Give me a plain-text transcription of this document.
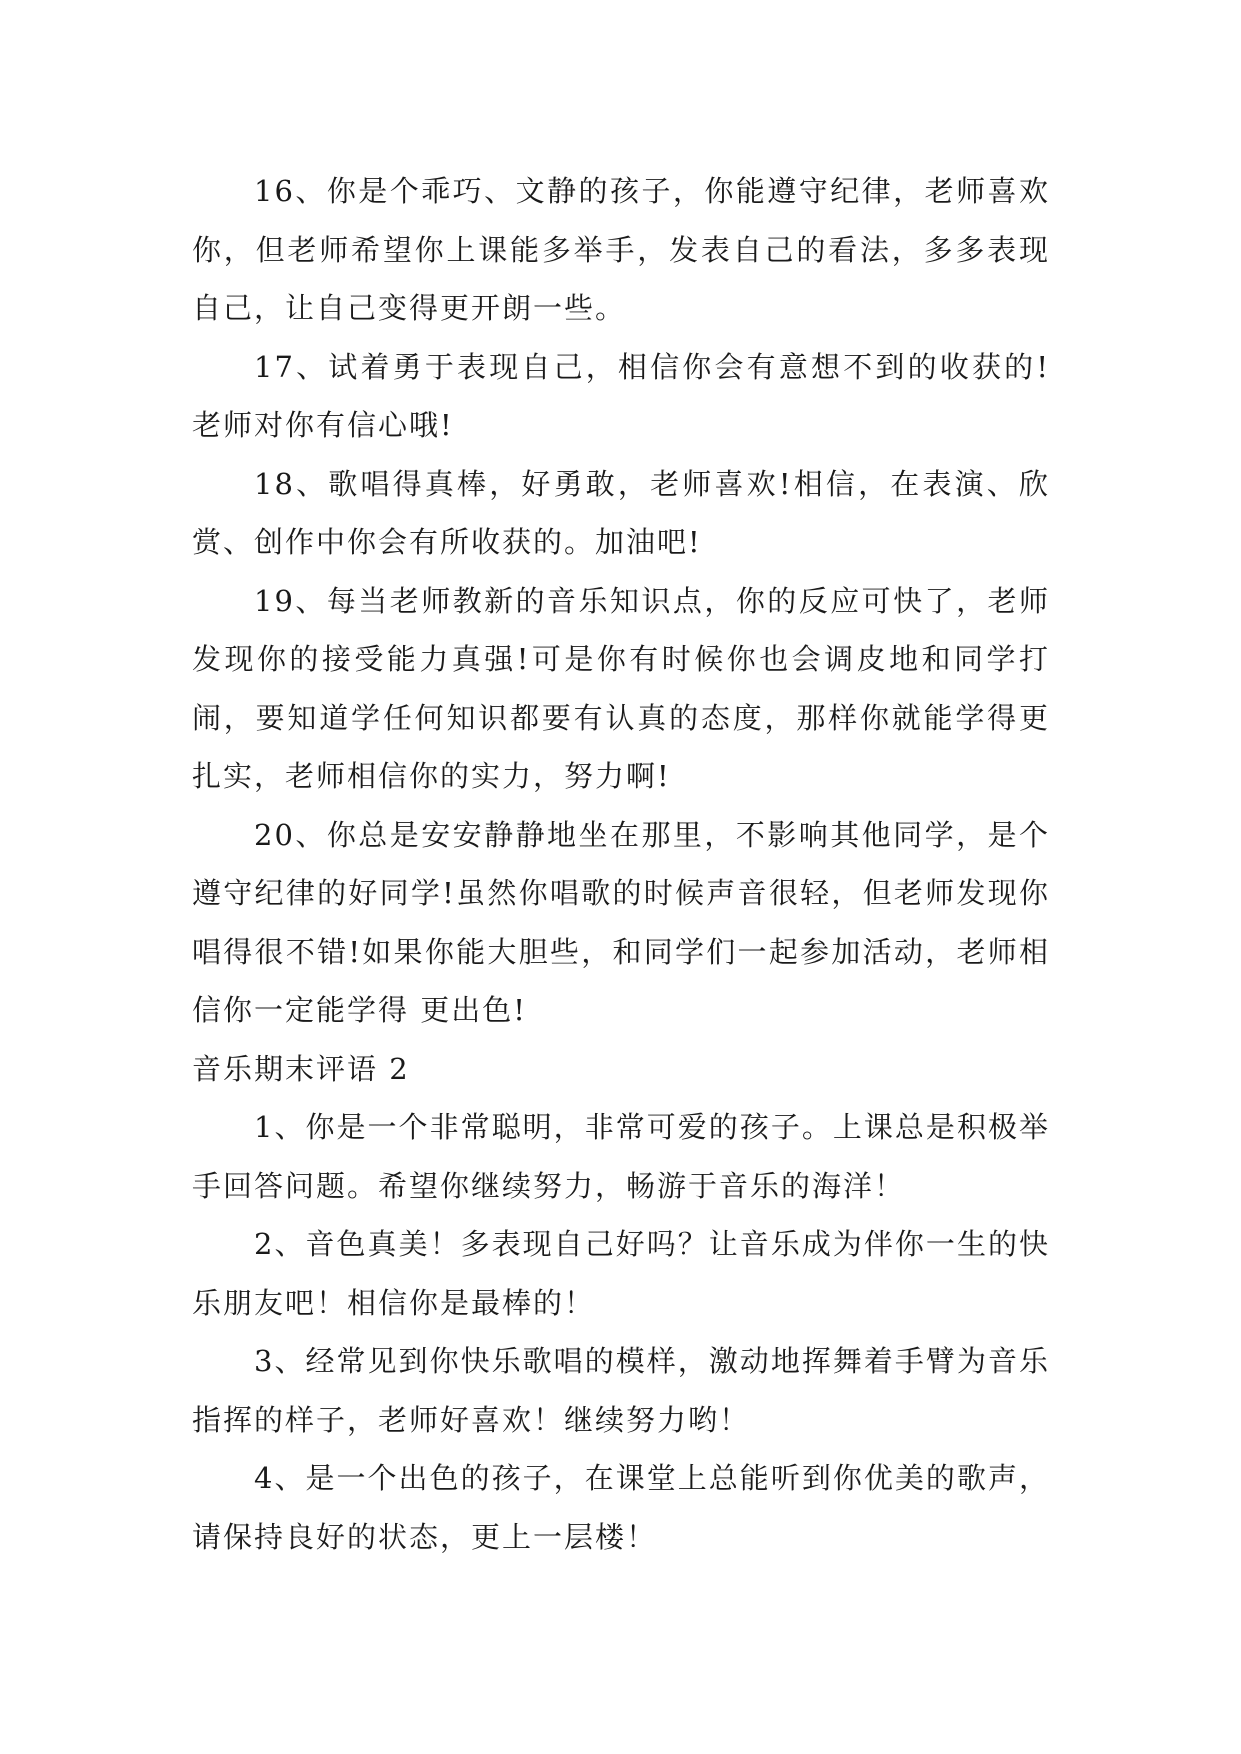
16、你是个乖巧、文静的孩子，你能遵守纪律，老师喜欢你，但老师希望你上课能多举手，发表自己的看法，多多表现自己，让自己变得更开朗一些。

17、试着勇于表现自己，相信你会有意想不到的收获的!老师对你有信心哦!

18、歌唱得真棒，好勇敢，老师喜欢!相信，在表演、欣赏、创作中你会有所收获的。加油吧!

19、每当老师教新的音乐知识点，你的反应可快了，老师发现你的接受能力真强!可是你有时候你也会调皮地和同学打闹，要知道学任何知识都要有认真的态度，那样你就能学得更扎实，老师相信你的实力，努力啊!

20、你总是安安静静地坐在那里，不影响其他同学，是个遵守纪律的好同学!虽然你唱歌的时候声音很轻，但老师发现你唱得很不错!如果你能大胆些，和同学们一起参加活动，老师相信你一定能学得 更出色!

音乐期末评语 2

1、你是一个非常聪明，非常可爱的孩子。上课总是积极举手回答问题。希望你继续努力，畅游于音乐的海洋！

2、音色真美！多表现自己好吗？让音乐成为伴你一生的快乐朋友吧！相信你是最棒的！

3、经常见到你快乐歌唱的模样，激动地挥舞着手臂为音乐指挥的样子，老师好喜欢！继续努力哟！

4、是一个出色的孩子，在课堂上总能听到你优美的歌声，请保持良好的状态，更上一层楼！
